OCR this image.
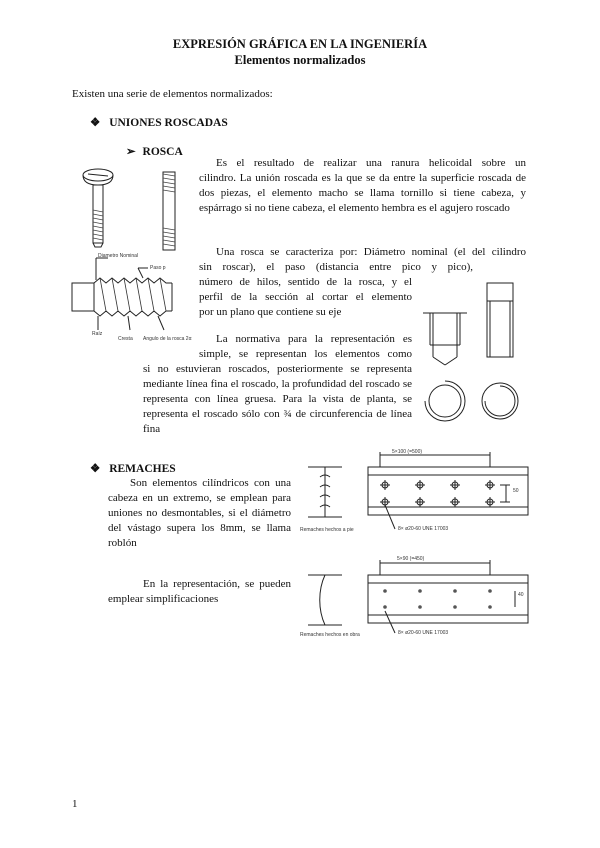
EXPRESIÓN GRÁFICA EN LA INGENIERÍA
Elementos normalizados
Existen una serie de elementos normalizados:
❖ UNIONES ROSCADAS
➢ ROSCA
Es el resultado de realizar una ranura helicoidal sobre un
cilindro. La unión roscada es la que se da entre la superficie roscada de dos piezas, el elemento macho se llama tornillo si tiene cabeza, y espárrago si no tiene cabeza, el elemento hembra es el agujero roscado
Una rosca se caracteriza por: Diámetro nominal (el del cilindro
sin roscar), el paso (distancia entre pico y pico),
número de hilos, sentido de la rosca, y el
perfil de la sección al cortar el elemento
por un plano que contiene su eje
La normativa para la representación es
simple, se representan los elementos como
si no estuvieran roscados, posteriormente se representa mediante línea fina el roscado, la profundidad del roscado se representa con línea gruesa. Para la vista de planta, se representa el roscado sólo con ¾ de circunferencia de línea fina
Diametro Nominal
Paso p
Raíz
Cresta Angulo de la rosca 2α
❖ REMACHES
Son elementos cilíndricos con una cabeza en un extremo, se emplean para uniones no desmontables, si el diámetro del vástago supera los 8mm, se llama roblón
En la representación, se pueden emplear simplificaciones
5×100 (=500)
50
8× ø20-60 UNE 17003
Remaches hechos a pie
5×90 (=450)
40
8× ø20-60 UNE 17003
Remaches hechos en obra
1
